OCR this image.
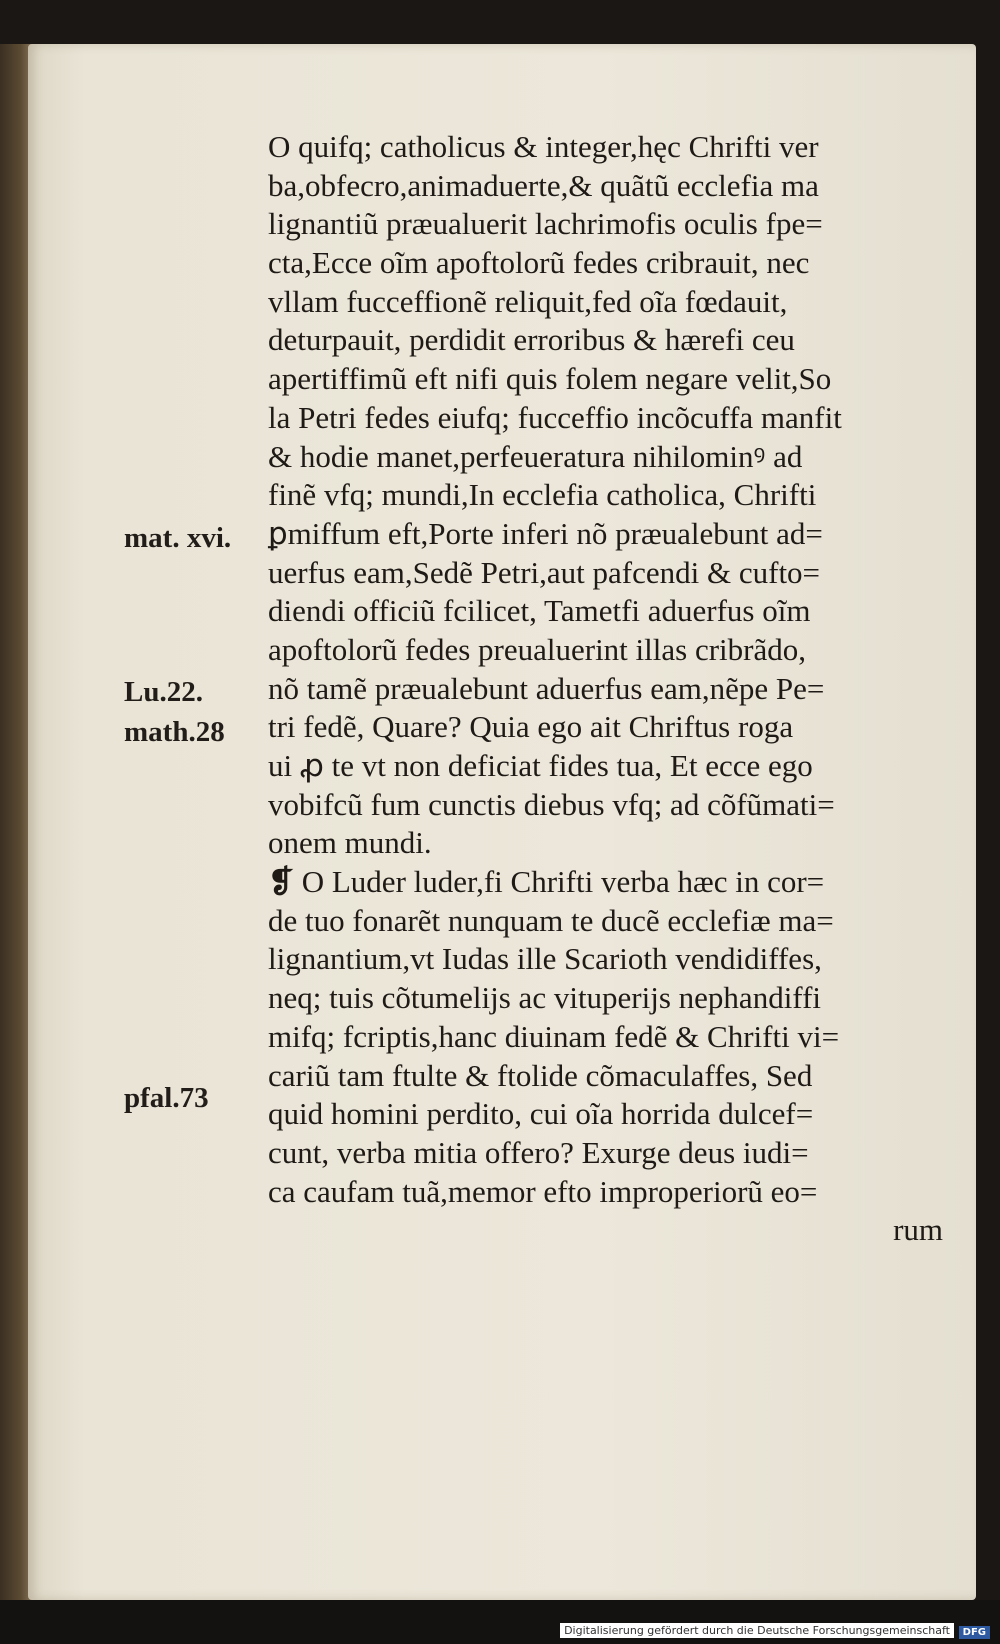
O quifq; catholicus & integer,hęc Chrifti ver
ba,obfecro,animaduerte,& quãtũ ecclefia ma
lignantiũ præualuerit lachrimofis oculis fpe=
cta,Ecce oĩm apoftolorũ fedes cribrauit, nec
vllam fucceffionẽ reliquit,fed oĩa fœdauit,
deturpauit, perdidit erroribus & hærefi ceu
apertiffimũ eft nifi quis folem negare velit,So
la Petri fedes eiufq; fucceffio incõcuffa manfit
& hodie manet,perfeueratura nihilominꝰ ad
finẽ vfq; mundi,In ecclefia catholica, Chrifti
ꝑmiffum eft,Porte inferi nõ præualebunt ad=
uerfus eam,Sedẽ Petri,aut pafcendi & cufto=
diendi officiũ fcilicet, Tametfi aduerfus oĩm
apoftolorũ fedes preualuerint illas cribrãdo,
nõ tamẽ præualebunt aduerfus eam,nẽpe Pe=
tri fedẽ, Quare? Quia ego ait Chriftus roga
ui ꝓ te vt non deficiat fides tua, Et ecce ego
vobifcũ fum cunctis diebus vfq; ad cõfũmati=
onem mundi.
❡ O Luder luder,fi Chrifti verba hæc in cor=
de tuo fonarẽt nunquam te ducẽ ecclefiæ ma=
lignantium,vt Iudas ille Scarioth vendidiffes,
neq; tuis cõtumelijs ac vituperijs nephandiffi
mifq; fcriptis,hanc diuinam fedẽ & Chrifti vi=
cariũ tam ftulte & ftolide cõmaculaffes, Sed
quid homini perdito, cui oĩa horrida dulcef=
cunt, verba mitia offero? Exurge deus iudi=
ca caufam tuã,memor efto improperiorũ eo=
rum
mat. xvi.
Lu.22.
math.28
pfal.73
Digitalisierung gefördert durch die Deutsche Forschungsgemeinschaft	DFG
